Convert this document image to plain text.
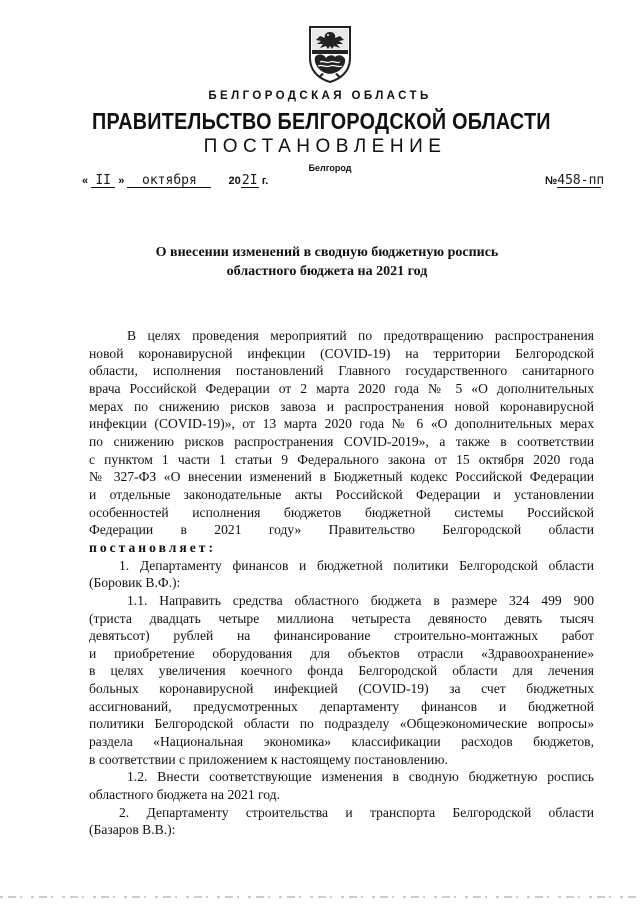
БЕЛГОРОДСКАЯ ОБЛАСТЬ
ПРАВИТЕЛЬСТВО БЕЛГОРОДСКОЙ ОБЛАСТИ
ПОСТАНОВЛЕНИЕ
Белгород
« II » октября	202I г.	№458-пп
О внесении изменений в сводную бюджетную роспись
областного бюджета на 2021 год

В целях проведения мероприятий по предотвращению распространения

новой коронавирусной инфекции (COVID-19) на территории Белгородской

области, исполнения постановлений Главного государственного санитарного

врача Российской Федерации от 2 марта 2020 года № 5 «О дополнительных

мерах по снижению рисков завоза и распространения новой коронавирусной

инфекции (COVID-19)», от 13 марта 2020 года № 6 «О дополнительных мерах

по снижению рисков распространения COVID-2019», а также в соответствии

с пунктом 1 части 1 статьи 9 Федерального закона от 15 октября 2020 года

№ 327-ФЗ «О внесении изменений в Бюджетный кодекс Российской Федерации

и отдельные законодательные акты Российской Федерации и установлении

особенностей исполнения бюджетов бюджетной системы Российской

Федерации в 2021 году» Правительство Белгородской области

постановляет:

1. Департаменту финансов и бюджетной политики Белгородской области

(Боровик В.Ф.):

1.1. Направить средства областного бюджета в размере 324 499 900

(триста двадцать четыре миллиона четыреста девяносто девять тысяч

девятьсот) рублей на финансирование строительно-монтажных работ

и приобретение оборудования для объектов отрасли «Здравоохранение»

в целях увеличения коечного фонда Белгородской области для лечения

больных коронавирусной инфекцией (COVID-19) за счет бюджетных

ассигнований, предусмотренных департаменту финансов и бюджетной

политики Белгородской области по подразделу «Общеэкономические вопросы»

раздела «Национальная экономика» классификации расходов бюджетов,

в соответствии с приложением к настоящему постановлению.

1.2. Внести соответствующие изменения в сводную бюджетную роспись

областного бюджета на 2021 год.

2. Департаменту строительства и транспорта Белгородской области

(Базаров В.В.):
